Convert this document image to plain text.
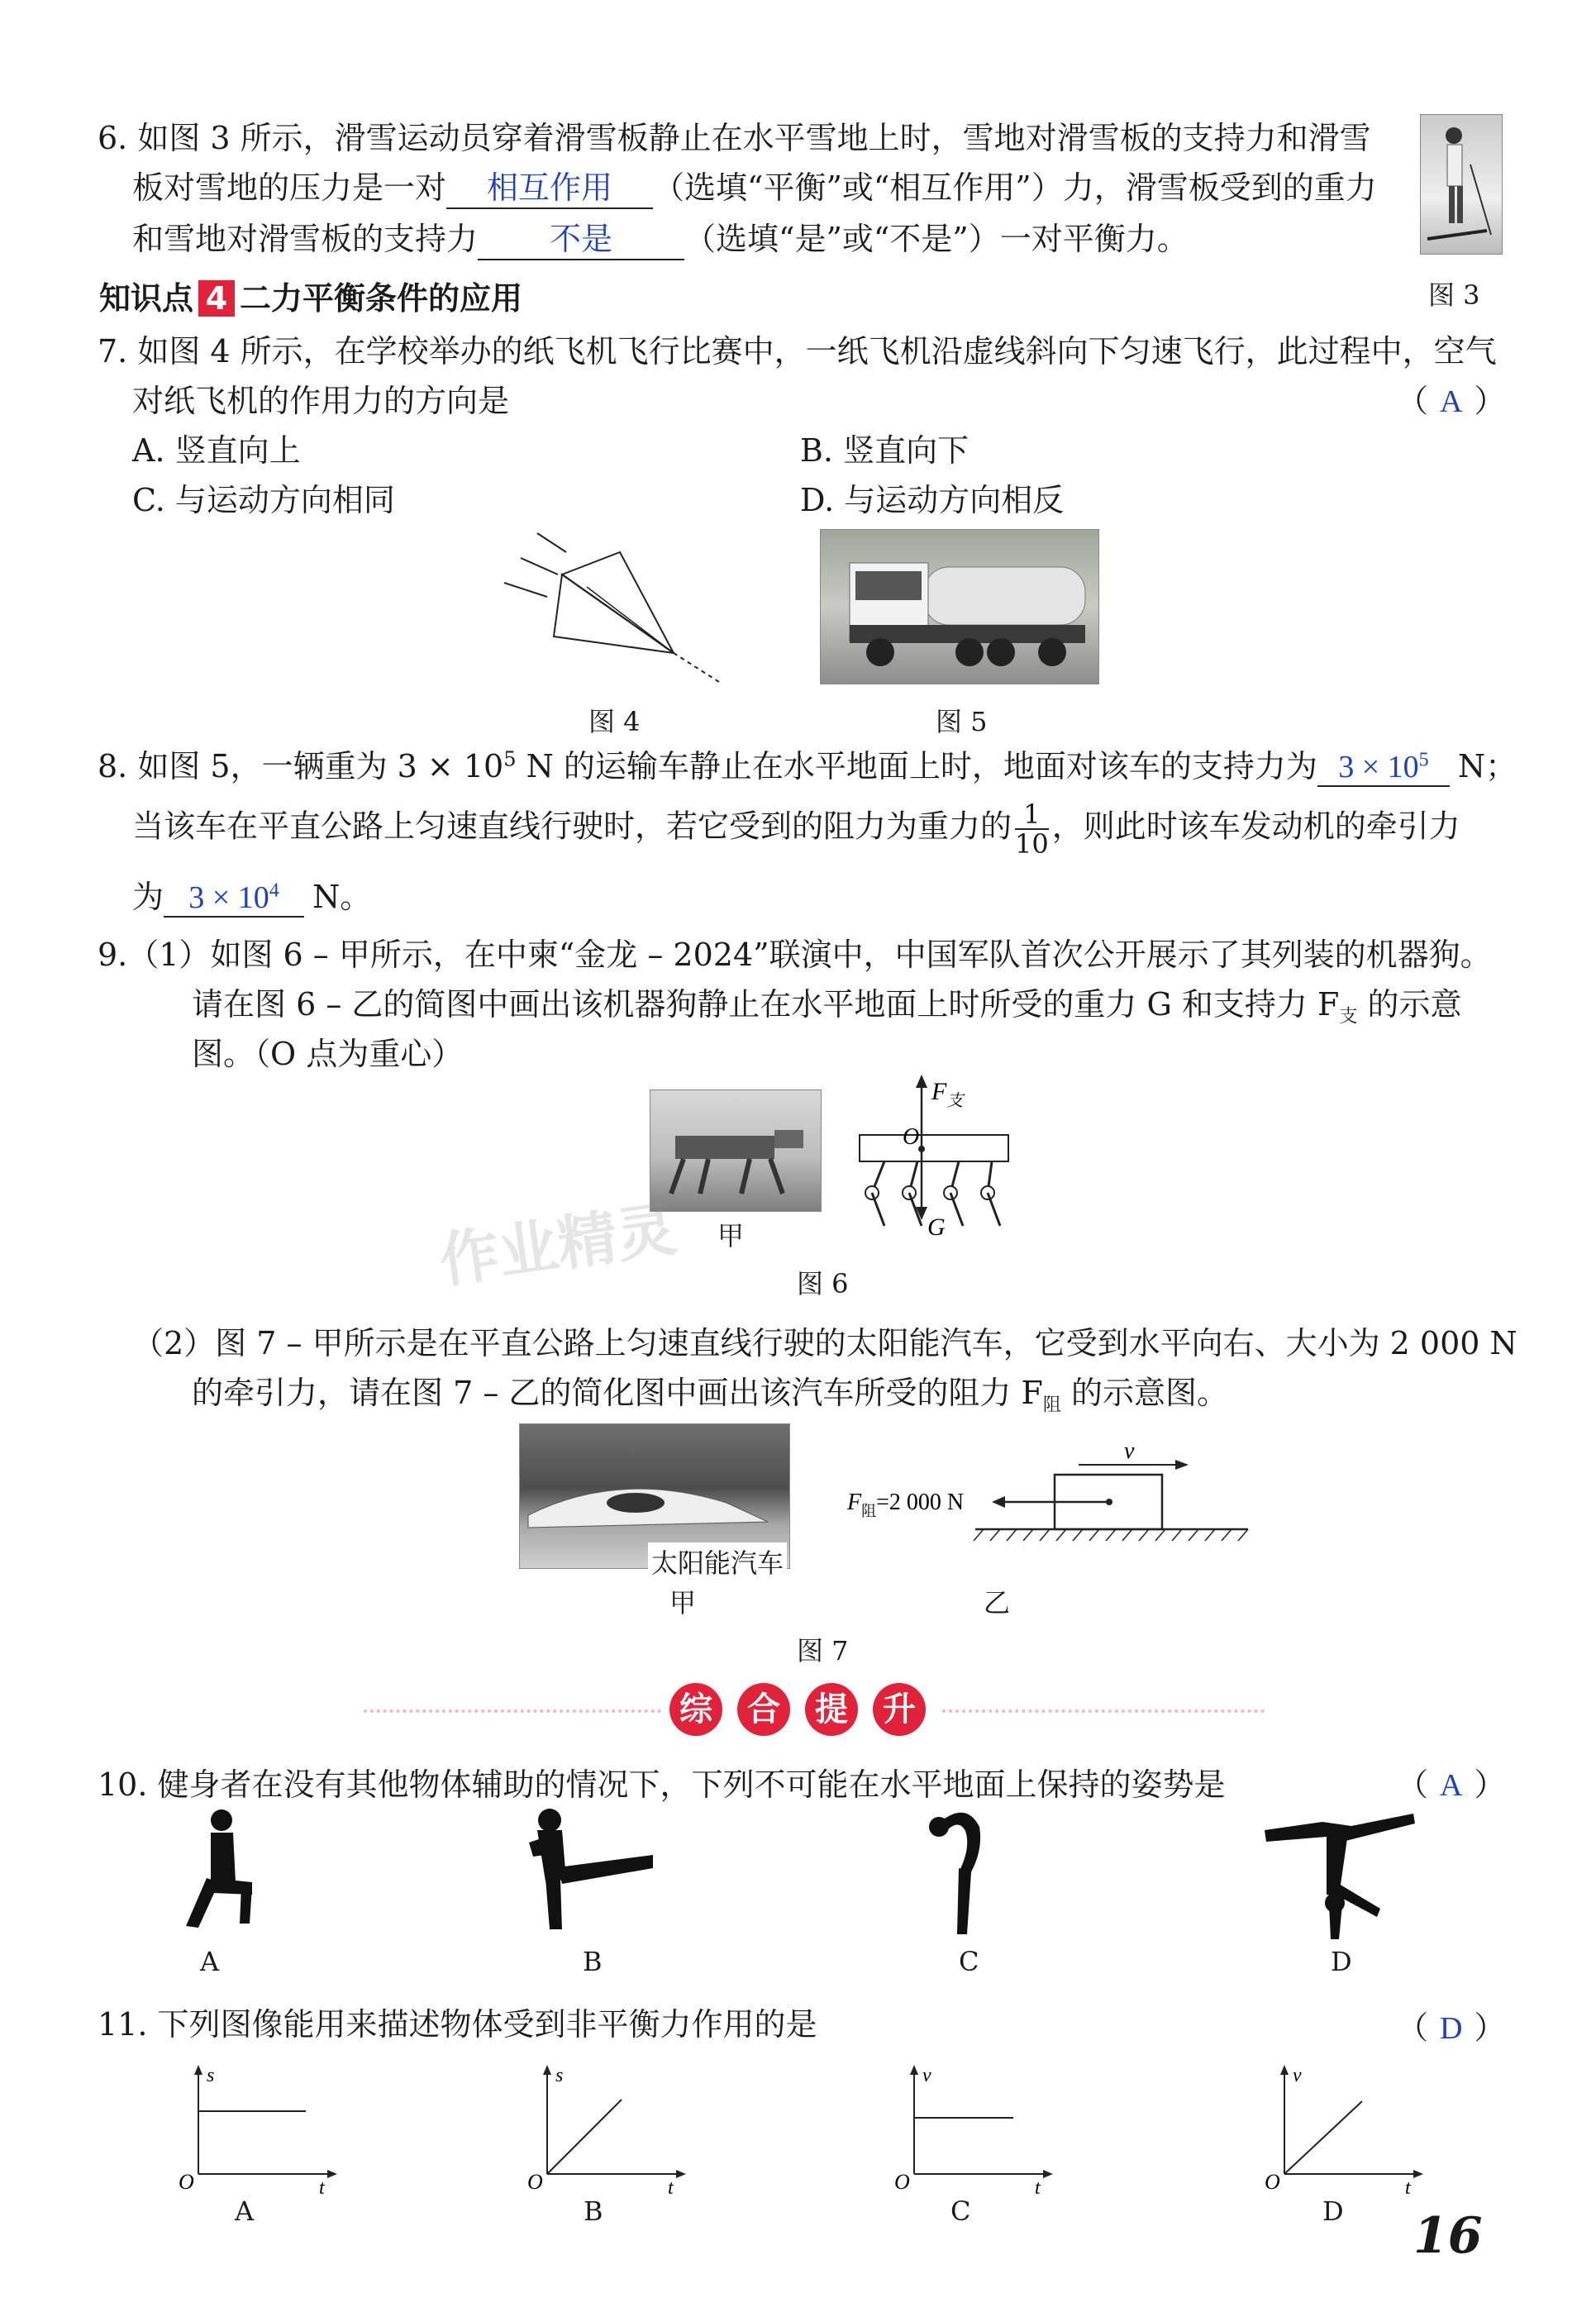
6. 如图 3 所示，滑雪运动员穿着滑雪板静止在水平雪地上时，雪地对滑雪板的支持力和滑雪
板对雪地的压力是一对 相互作用 （选填“平衡”或“相互作用”）力，滑雪板受到的重力
和雪地对滑雪板的支持力 不是 （选填“是”或“不是”）一对平衡力。
图 3
知识点 4 二力平衡条件的应用
7. 如图 4 所示，在学校举办的纸飞机飞行比赛中，一纸飞机沿虚线斜向下匀速飞行，此过程中，空气
对纸飞机的作用力的方向是	（ A ）
A. 竖直向上	B. 竖直向下
C. 与运动方向相同	D. 与运动方向相反
图 4	图 5
8. 如图 5，一辆重为 $3 \times 10^5$ N 的运输车静止在水平地面上时，地面对该车的支持力为 $3 \times 10^5$ N；
当该车在平直公路上匀速直线行驶时，若它受到的阻力为重力的 $\frac{1}{10}$ ，则此时该车发动机的牵引力
为 $3 \times 10^4$ N。
9.（1）如图 6 – 甲所示，在中柬“金龙 – 2024”联演中，中国军队首次公开展示了其列装的机器狗。
请在图 6 – 乙的简图中画出该机器狗静止在水平地面上时所受的重力 G 和支持力 $F_支$ 的示意
图。（O 点为重心）
甲
$F_支$
O
G
图 6
（2）图 7 – 甲所示是在平直公路上匀速直线行驶的太阳能汽车，它受到水平向右、大小为 2 000 N
的牵引力，请在图 7 – 乙的简化图中画出该汽车所受的阻力 $F_阻$ 的示意图。
太阳能汽车
甲
v
$F_阻=2$ 000 N
乙
图 7
综 合 提 升
10. 健身者在没有其他物体辅助的情况下，下列不可能在水平地面上保持的姿势是	（ A ）
A	B	C	D
11. 下列图像能用来描述物体受到非平衡力作用的是	（ D ）
s
t
O
A
s
t
O
B
v
t
O
C
v
t
O
D 16
作业精灵
